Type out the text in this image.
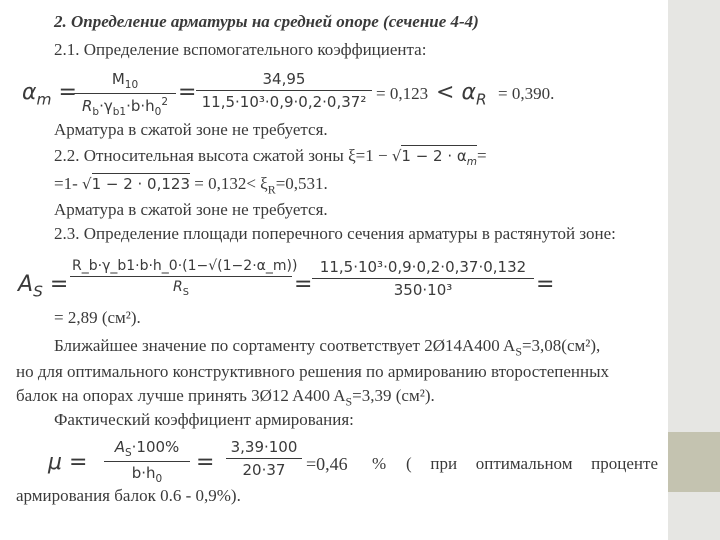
2. Определение арматуры на средней опоре (сечение 4-4)
2.1. Определение вспомогательного коэффициента:
$\alpha_m$ =
$\frac{M_{10}}{R_b\cdot\gamma_{b1}\cdot b\cdot h_0^2} = \frac{34,95}{\text{11,5·10³·0,9·0,2·0,37²}} = 0,123 < \alpha_R = 0,390$.
Арматура в сжатой зоне не требуется.
2.2. Относительная высота сжатой зоны $\xi=1 - √1 - 2 \cdot \alpha_m=$
=1- $√1 - 2 \cdot 0,123 = 0,132< \xi_R=0,531$.
Арматура в сжатой зоне не требуется.
2.3. Определение площади поперечного сечения арматуры в растянутой зоне:
$A_S = \frac{R\_b\cdot\gamma\_b1\cdot b\cdot h\_0\cdot(1-√(1-2\cdot\alpha\_m))}{R_S} = \frac{\text{11,5·10³·0,9·0,2·0,37·0,132}}{\text{350·10³}}$ =
= 2,89 (см²).
Ближайшее значение по сортаменту соответствует 2Ø14A400 $A_S=3,08(см^2)$,
но для оптимального конструктивного решения по армированию второстепенных
балок на опорах лучше принять 3Ø12 A400 $A_S=3,39$ (см²).
Фактический коэффициент армирования:
$\mu = \frac{A_S\cdot 100\%}{b\cdot h_0} = \frac{3,39\cdot 100}{20\cdot 37} =0,46$ % ( при оптимальном проценте
армирования балок 0.6 - 0,9%).
